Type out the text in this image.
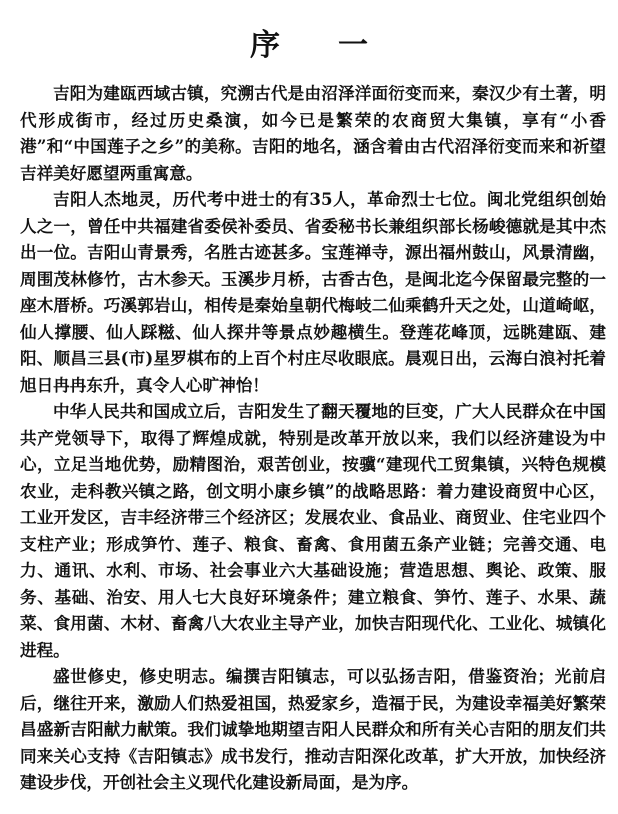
序一

吉阳为建瓯西域古镇，究溯古代是由沼泽洋面衍变而来，秦汉少有土著，明代形成街市，经过历史桑演，如今已是繁荣的农商贸大集镇，享有“小香港”和“中国莲子之乡”的美称。吉阳的地名，涵含着由古代沼泽衍变而来和祈望吉祥美好愿望两重寓意。

吉阳人杰地灵，历代考中进士的有35人，革命烈士七位。闽北党组织创始人之一，曾任中共福建省委侯补委员、省委秘书长兼组织部长杨峻德就是其中杰出一位。吉阳山青景秀，名胜古迹甚多。宝莲禅寺，源出福州鼓山，风景清幽，周围茂林修竹，古木参天。玉溪步月桥，古香古色，是闽北迄今保留最完整的一座木厝桥。巧溪郭岩山，相传是秦始皇朝代梅岐二仙乘鹤升天之处，山道崎岖，仙人撑腰、仙人踩糍、仙人探井等景点妙趣横生。登莲花峰顶，远眺建瓯、建阳、顺昌三县(市)星罗棋布的上百个村庄尽收眼底。晨观日出，云海白浪衬托着旭日冉冉东升，真令人心旷神怡！

中华人民共和国成立后，吉阳发生了翻天覆地的巨变，广大人民群众在中国共产党领导下，取得了辉煌成就，特别是改革开放以来，我们以经济建设为中心，立足当地优势，励精图治，艰苦创业，按骥“建现代工贸集镇，兴特色规模农业，走科教兴镇之路，创文明小康乡镇”的战略思路：着力建设商贸中心区，工业开发区，吉丰经济带三个经济区；发展农业、食品业、商贸业、住宅业四个支柱产业；形成笋竹、莲子、粮食、畜禽、食用菌五条产业链；完善交通、电力、通讯、水利、市场、社会事业六大基础设施；营造思想、舆论、政策、服务、基础、治安、用人七大良好环境条件；建立粮食、笋竹、莲子、水果、蔬菜、食用菌、木材、畜禽八大农业主导产业，加快吉阳现代化、工业化、城镇化进程。

盛世修史，修史明志。编撰吉阳镇志，可以弘扬吉阳，借鉴资治；光前启后，继往开来，激励人们热爱祖国，热爱家乡，造福于民，为建设幸福美好繁荣昌盛新吉阳献力献策。我们诚挚地期望吉阳人民群众和所有关心吉阳的朋友们共同来关心支持《吉阳镇志》成书发行，推动吉阳深化改革，扩大开放，加快经济建设步伐，开创社会主义现代化建设新局面，是为序。
